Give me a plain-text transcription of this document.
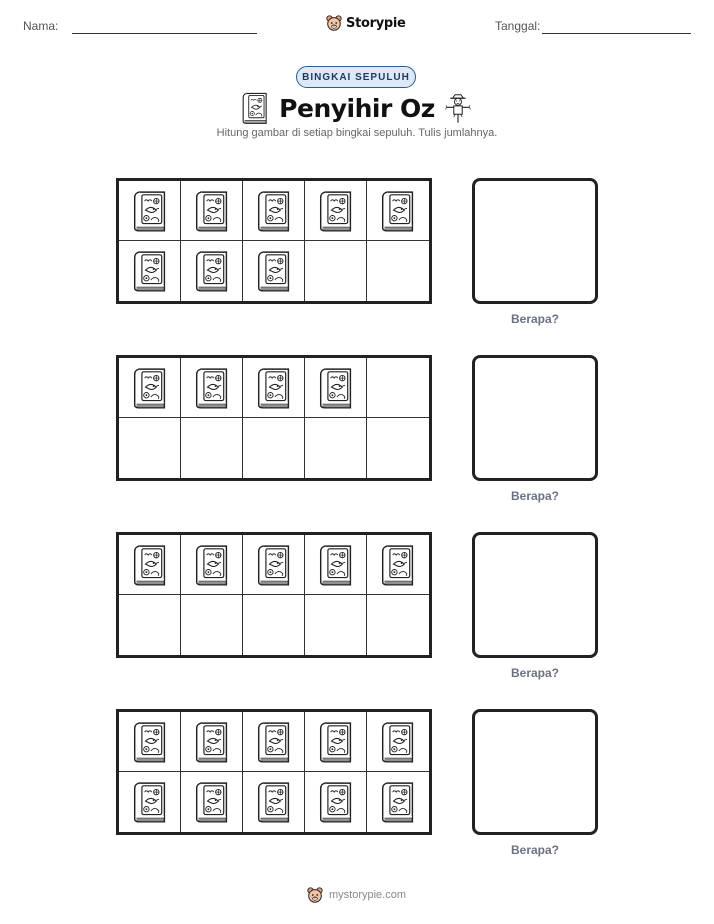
Nama:	Storypie	Tanggal:
BINGKAI SEPULUH
Penyihir Oz
Hitung gambar di setiap bingkai sepuluh. Tulis jumlahnya.
Berapa?
Berapa?
Berapa?
Berapa?
mystorypie.com
